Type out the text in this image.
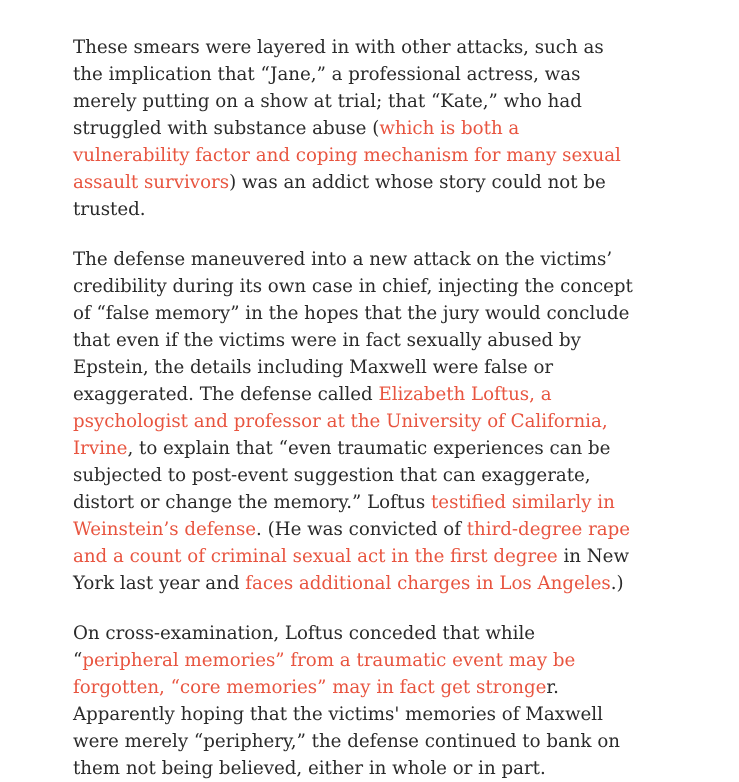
These smears were layered in with other attacks, such as the implication that “Jane,” a professional actress, was merely putting on a show at trial; that “Kate,” who had struggled with substance abuse (which is both a vulnerability factor and coping mechanism for many sexual assault survivors) was an addict whose story could not be trusted.

The defense maneuvered into a new attack on the victims’ credibility during its own case in chief, injecting the concept of “false memory” in the hopes that the jury would conclude that even if the victims were in fact sexually abused by Epstein, the details including Maxwell were false or exaggerated. The defense called Elizabeth Loftus, a psychologist and professor at the University of California, Irvine, to explain that “even traumatic experiences can be subjected to post-event suggestion that can exaggerate, distort or change the memory.” Loftus testified similarly in Weinstein’s defense. (He was convicted of third-degree rape and a count of criminal sexual act in the first degree in New York last year and faces additional charges in Los Angeles.)

On cross-examination, Loftus conceded that while “peripheral memories” from a traumatic event may be forgotten, “core memories” may in fact get stronger. Apparently hoping that the victims' memories of Maxwell were merely “periphery,” the defense continued to bank on them not being believed, either in whole or in part.
